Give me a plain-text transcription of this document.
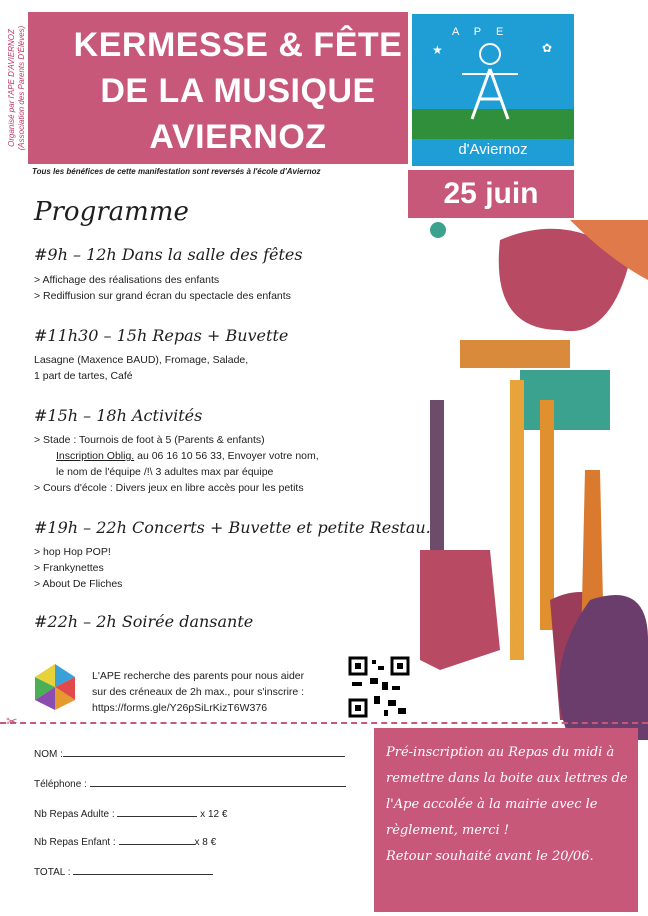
Organisé par l'APE D'AVIERNOZ (Association des Parents D'Élèves) KERMESSE & FÊTE
DE LA MUSIQUE
AVIERNOZ
★	✿
d'Aviernoz
A P E
25 juin
Tous les bénéfices de cette manifestation sont reversés à l'école d'Aviernoz
Programme
#9h – 12h Dans la salle des fêtes
> Affichage des réalisations des enfants
> Rediffusion sur grand écran du spectacle des enfants
#11h30 – 15h Repas + Buvette
Lasagne (Maxence BAUD), Fromage, Salade,
1 part de tartes, Café
#15h – 18h Activités
> Stade : Tournois de foot à 5 (Parents & enfants)
Inscription Oblig. au 06 16 10 56 33, Envoyer votre nom,
le nom de l'équipe /!\ 3 adultes max par équipe
> Cours d'école : Divers jeux en libre accès pour les petits
#19h – 22h Concerts + Buvette et petite Restau.
> hop Hop POP!
> Frankynettes
> About De Fliches
#22h – 2h Soirée dansante
L'APE recherche des parents pour nous aider
sur des créneaux de 2h max., pour s'inscrire :
https://forms.gle/Y26pSiLrKizT6W376
✂
NOM :
Téléphone :
Nb Repas Adulte :	x 12 €
Nb Repas Enfant :	x 8 €
TOTAL :
Pré-inscription au Repas du midi à
remettre dans la boite aux lettres de
l'Ape accolée à la mairie avec le
règlement, merci !
Retour souhaité avant le 20/06.
